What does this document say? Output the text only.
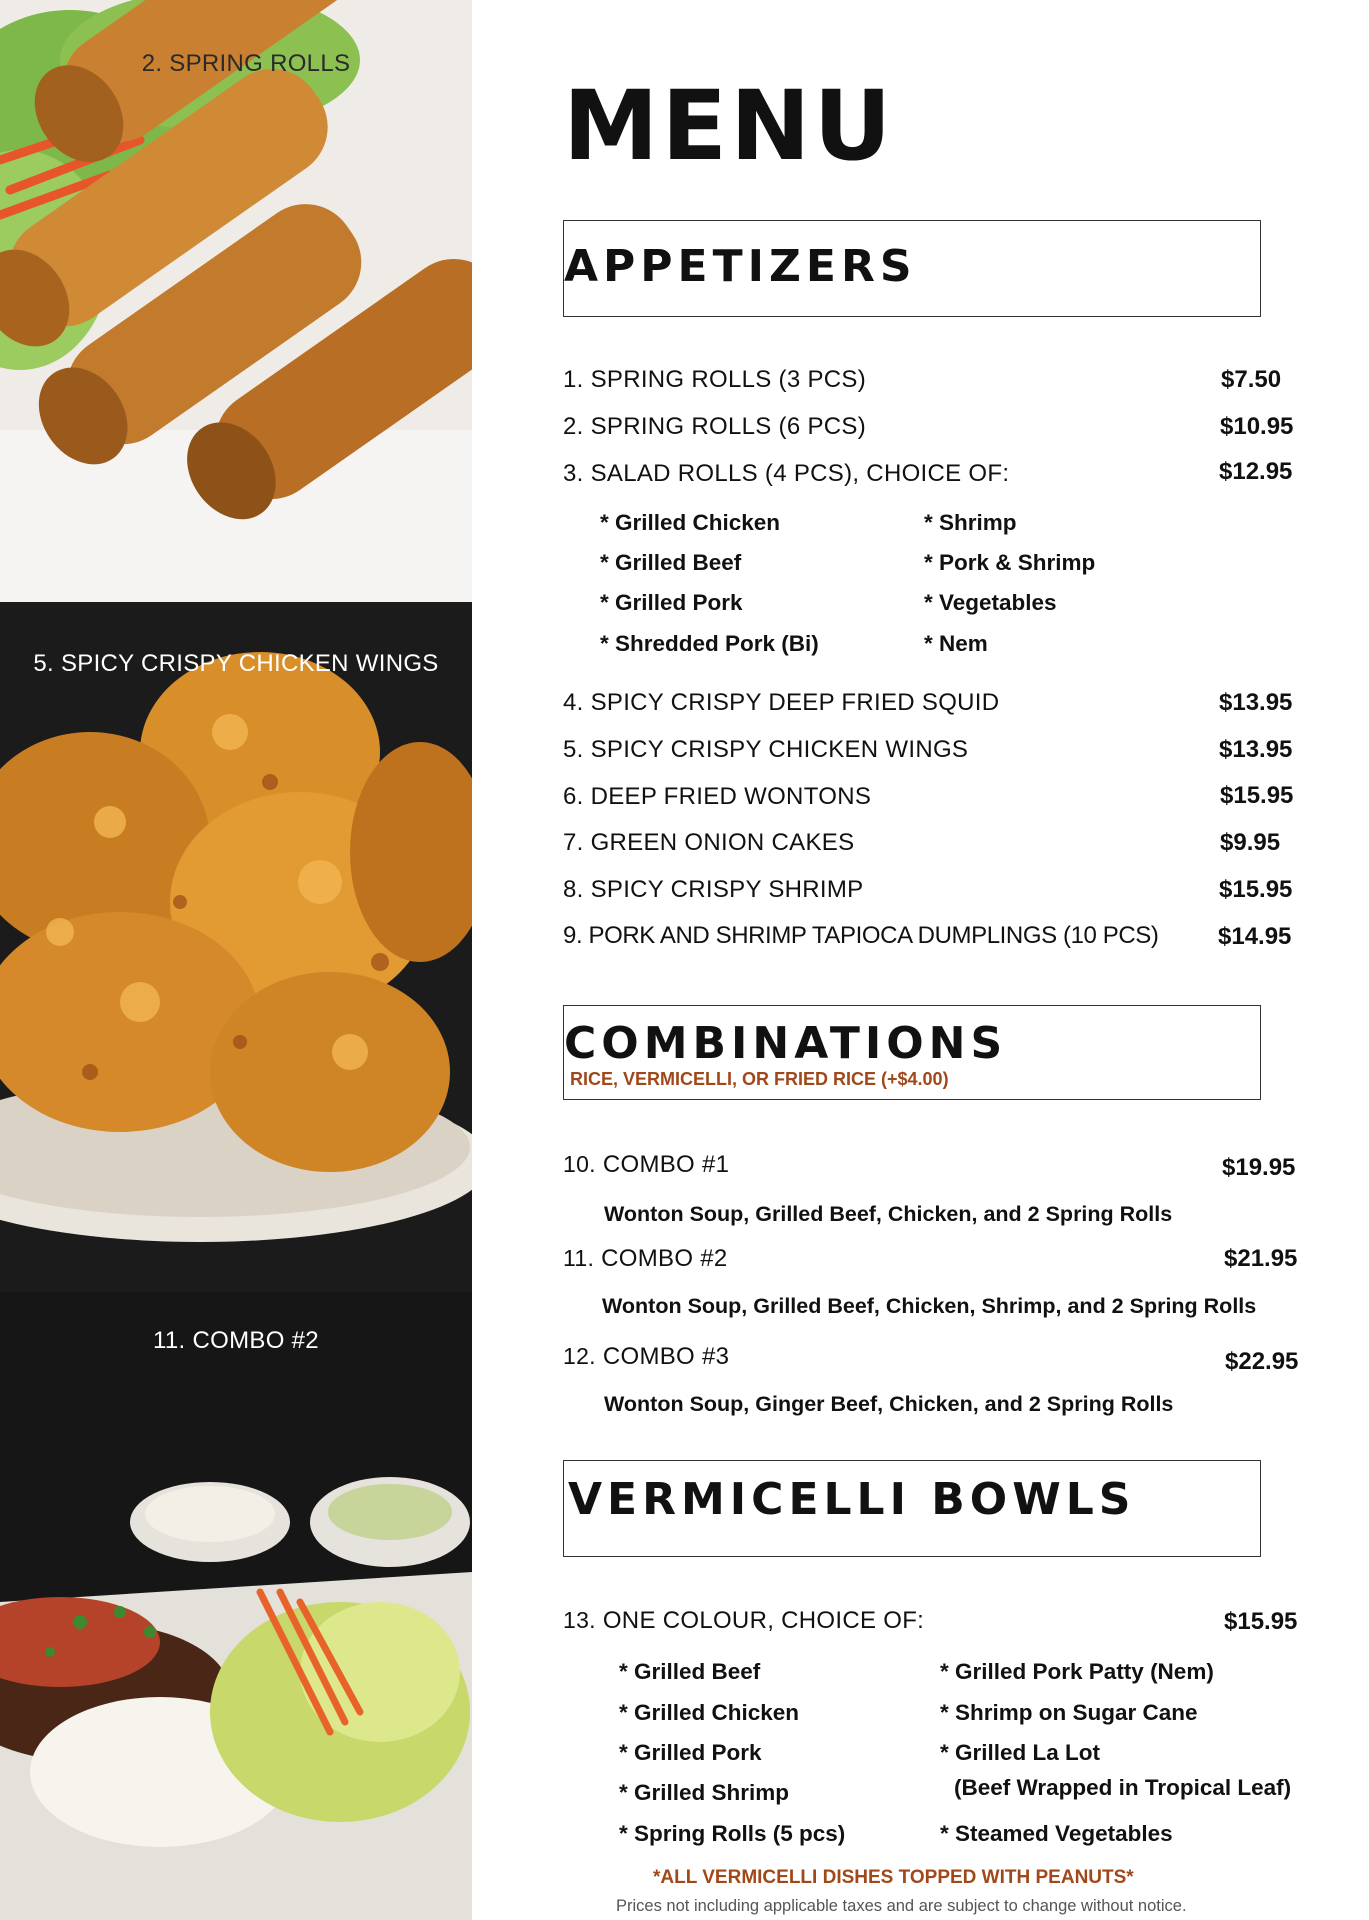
2. SPRING ROLLS
5. SPICY CRISPY CHICKEN WINGS
11. COMBO #2
MENU
APPETIZERS
1. SPRING ROLLS (3 PCS)	$7.50
2. SPRING ROLLS (6 PCS)	$10.95
3. SALAD ROLLS (4 PCS), CHOICE OF:	$12.95
* Grilled Chicken
* Grilled Beef
* Grilled Pork
* Shredded Pork (Bi)
* Shrimp
* Pork & Shrimp
* Vegetables
* Nem
4. SPICY CRISPY DEEP FRIED SQUID	$13.95
5. SPICY CRISPY CHICKEN WINGS	$13.95
6. DEEP FRIED WONTONS	$15.95
7. GREEN ONION CAKES	$9.95
8. SPICY CRISPY SHRIMP	$15.95
9. PORK AND SHRIMP TAPIOCA DUMPLINGS (10 PCS) $14.95
COMBINATIONS
RICE, VERMICELLI, OR FRIED RICE (+$4.00)
10. COMBO #1	$19.95
Wonton Soup, Grilled Beef, Chicken, and 2 Spring Rolls
11. COMBO #2	$21.95
Wonton Soup, Grilled Beef, Chicken, Shrimp, and 2 Spring Rolls
12. COMBO #3	$22.95
Wonton Soup, Ginger Beef, Chicken, and 2 Spring Rolls
VERMICELLI BOWLS
13. ONE COLOUR, CHOICE OF:	$15.95
* Grilled Beef
* Grilled Chicken
* Grilled Pork
* Grilled Shrimp
* Spring Rolls (5 pcs)
* Grilled Pork Patty (Nem)
* Shrimp on Sugar Cane
* Grilled La Lot
(Beef Wrapped in Tropical Leaf)
* Steamed Vegetables
*ALL VERMICELLI DISHES TOPPED WITH PEANUTS*
Prices not including applicable taxes and are subject to change without notice.
